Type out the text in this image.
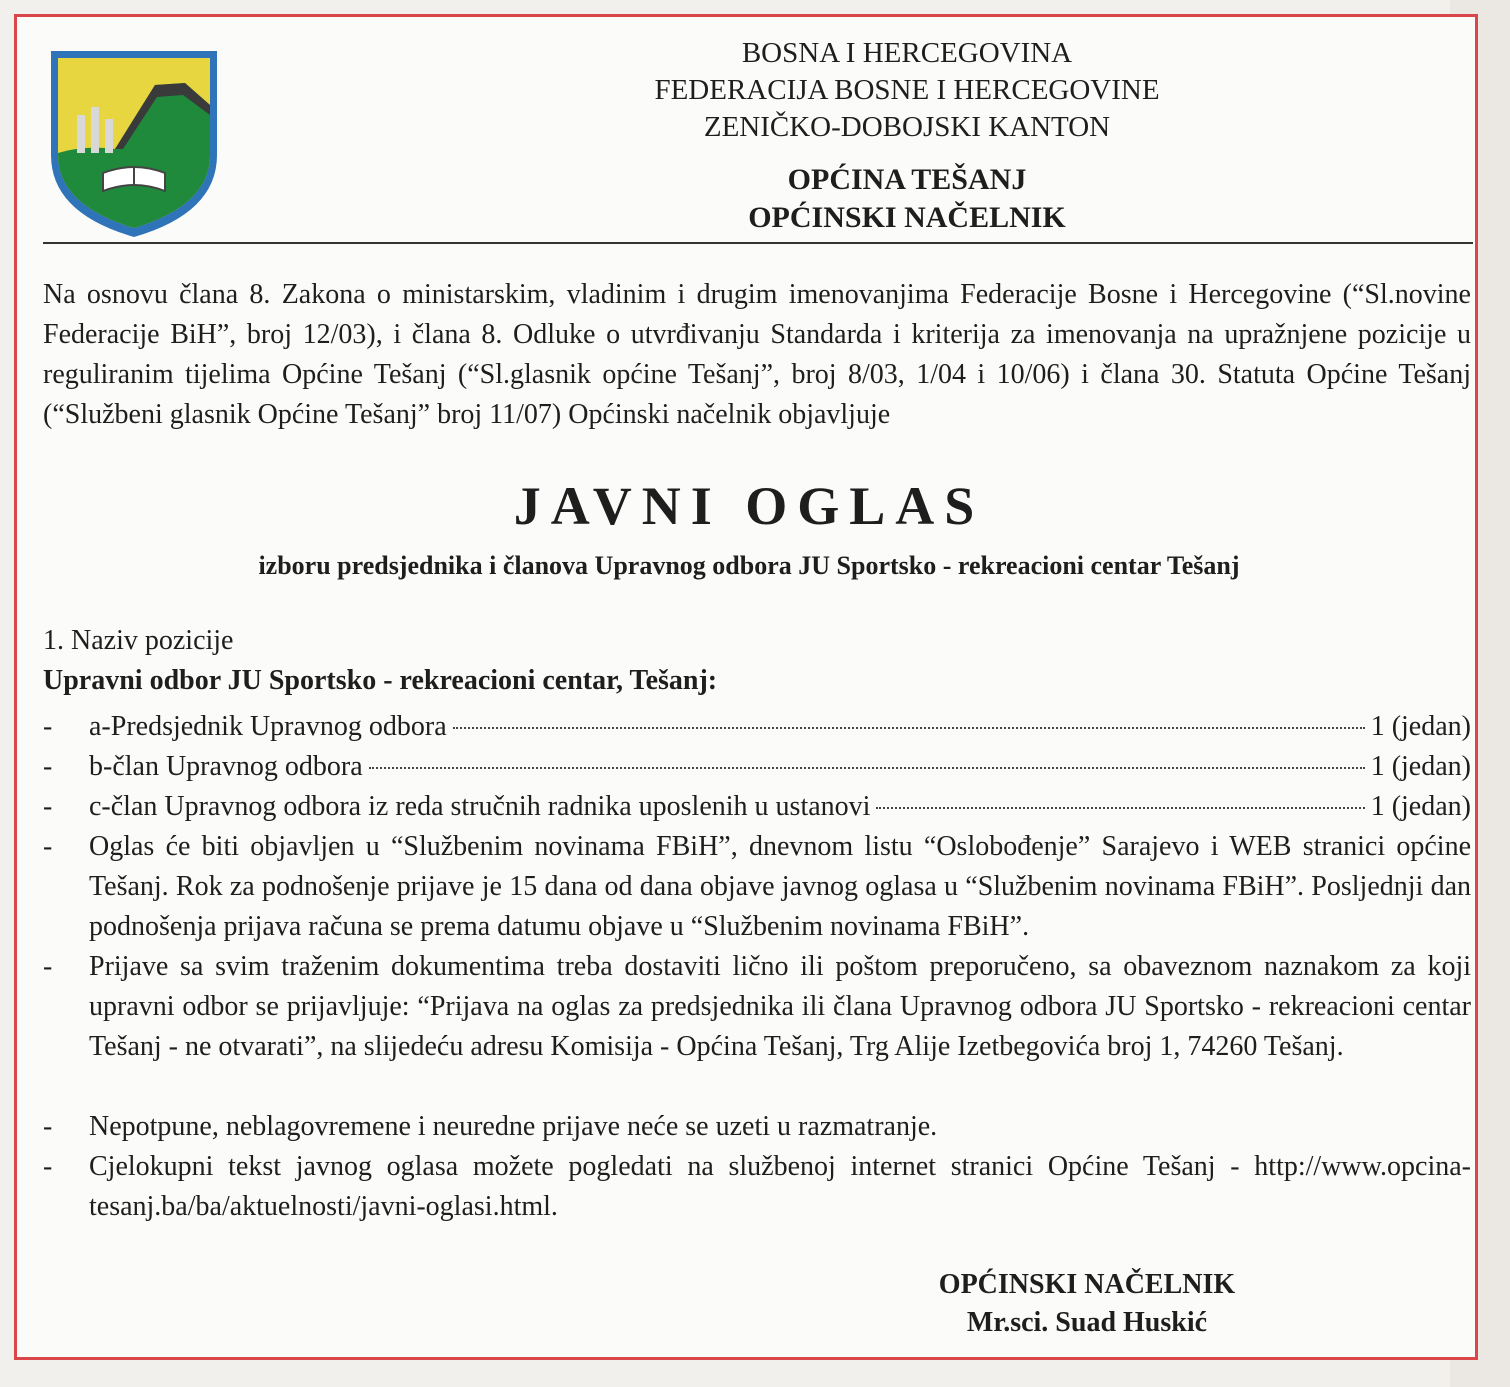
BOSNA I HERCEGOVINA
FEDERACIJA BOSNE I HERCEGOVINE
ZENIČKO-DOBOJSKI KANTON
OPĆINA TEŠANJ
OPĆINSKI NAČELNIK
Na osnovu člana 8. Zakona o ministarskim, vladinim i drugim imenovanjima Federacije Bosne i Hercegovine (“Sl.novine Federacije BiH”, broj 12/03), i člana 8. Odluke o utvrđivanju Standarda i kriterija za imenovanja na upražnjene pozicije u reguliranim tijelima Općine Tešanj (“Sl.glasnik općine Tešanj”, broj 8/03, 1/04 i 10/06) i člana 30. Statuta Općine Tešanj (“Službeni glasnik Općine Tešanj” broj 11/07) Općinski načelnik objavljuje
JAVNI OGLAS
izboru predsjednika i članova Upravnog odbora JU Sportsko - rekreacioni centar Tešanj
1. Naziv pozicije
Upravni odbor JU Sportsko - rekreacioni centar, Tešanj:
- a-Predsjednik Upravnog odbora	1 (jedan)
- b-član Upravnog odbora	1 (jedan)
- c-član Upravnog odbora iz reda stručnih radnika uposlenih u ustanovi	1 (jedan)
- Oglas će biti objavljen u “Službenim novinama FBiH”, dnevnom listu “Oslobođenje” Sarajevo i WEB stranici općine Tešanj. Rok za podnošenje prijave je 15 dana od dana objave javnog oglasa u “Službenim novinama FBiH”. Posljednji dan podnošenja prijava računa se prema datumu objave u “Službenim novinama FBiH”.
- Prijave sa svim traženim dokumentima treba dostaviti lično ili poštom preporučeno, sa obaveznom naznakom za koji upravni odbor se prijavljuje: “Prijava na oglas za predsjednika ili člana Upravnog odbora JU Sportsko - rekreacioni centar Tešanj - ne otvarati”, na slijedeću adresu Komisija - Općina Tešanj, Trg Alije Izetbegovića broj 1, 74260 Tešanj.
- Nepotpune, neblagovremene i neuredne prijave neće se uzeti u razmatranje.
- Cjelokupni tekst javnog oglasa možete pogledati na službenoj internet stranici Općine Tešanj - http://www.opcina-tesanj.ba/ba/aktuelnosti/javni-oglasi.html.
OPĆINSKI NAČELNIK
Mr.sci. Suad Huskić
